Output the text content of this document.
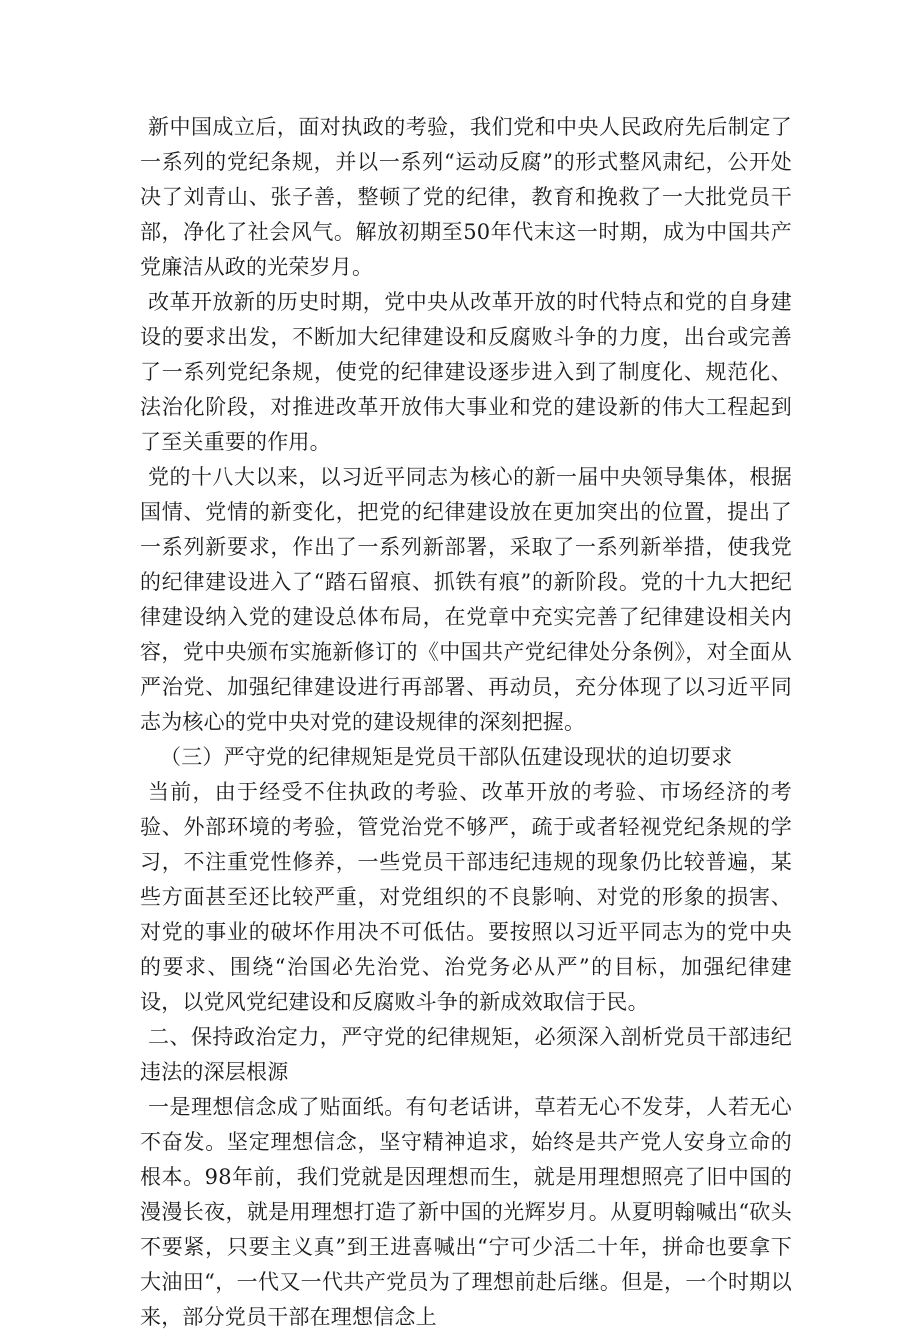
新中国成立后，面对执政的考验，我们党和中央人民政府先后制定了一系列的党纪条规，并以一系列“运动反腐”的形式整风肃纪，公开处决了刘青山、张子善，整顿了党的纪律，教育和挽救了一大批党员干部，净化了社会风气。解放初期至50年代末这一时期，成为中国共产党廉洁从政的光荣岁月。

改革开放新的历史时期，党中央从改革开放的时代特点和党的自身建设的要求出发，不断加大纪律建设和反腐败斗争的力度，出台或完善了一系列党纪条规，使党的纪律建设逐步进入到了制度化、规范化、法治化阶段，对推进改革开放伟大事业和党的建设新的伟大工程起到了至关重要的作用。

党的十八大以来，以习近平同志为核心的新一届中央领导集体，根据国情、党情的新变化，把党的纪律建设放在更加突出的位置，提出了一系列新要求，作出了一系列新部署，采取了一系列新举措，使我党的纪律建设进入了“踏石留痕、抓铁有痕”的新阶段。党的十九大把纪律建设纳入党的建设总体布局，在党章中充实完善了纪律建设相关内容，党中央颁布实施新修订的《中国共产党纪律处分条例》，对全面从严治党、加强纪律建设进行再部署、再动员，充分体现了以习近平同志为核心的党中央对党的建设规律的深刻把握。

（三）严守党的纪律规矩是党员干部队伍建设现状的迫切要求

当前，由于经受不住执政的考验、改革开放的考验、市场经济的考验、外部环境的考验，管党治党不够严，疏于或者轻视党纪条规的学习，不注重党性修养，一些党员干部违纪违规的现象仍比较普遍，某些方面甚至还比较严重，对党组织的不良影响、对党的形象的损害、对党的事业的破坏作用决不可低估。要按照以习近平同志为的党中央的要求、围绕“治国必先治党、治党务必从严”的目标，加强纪律建设，以党风党纪建设和反腐败斗争的新成效取信于民。

二、保持政治定力，严守党的纪律规矩，必须深入剖析党员干部违纪违法的深层根源

一是理想信念成了贴面纸。有句老话讲，草若无心不发芽，人若无心不奋发。坚定理想信念，坚守精神追求，始终是共产党人安身立命的根本。98年前，我们党就是因理想而生，就是用理想照亮了旧中国的漫漫长夜，就是用理想打造了新中国的光辉岁月。从夏明翰喊出“砍头不要紧，只要主义真”到王进喜喊出“宁可少活二十年，拼命也要拿下大油田“，一代又一代共产党员为了理想前赴后继。但是，一个时期以来，部分党员干部在理想信念上
